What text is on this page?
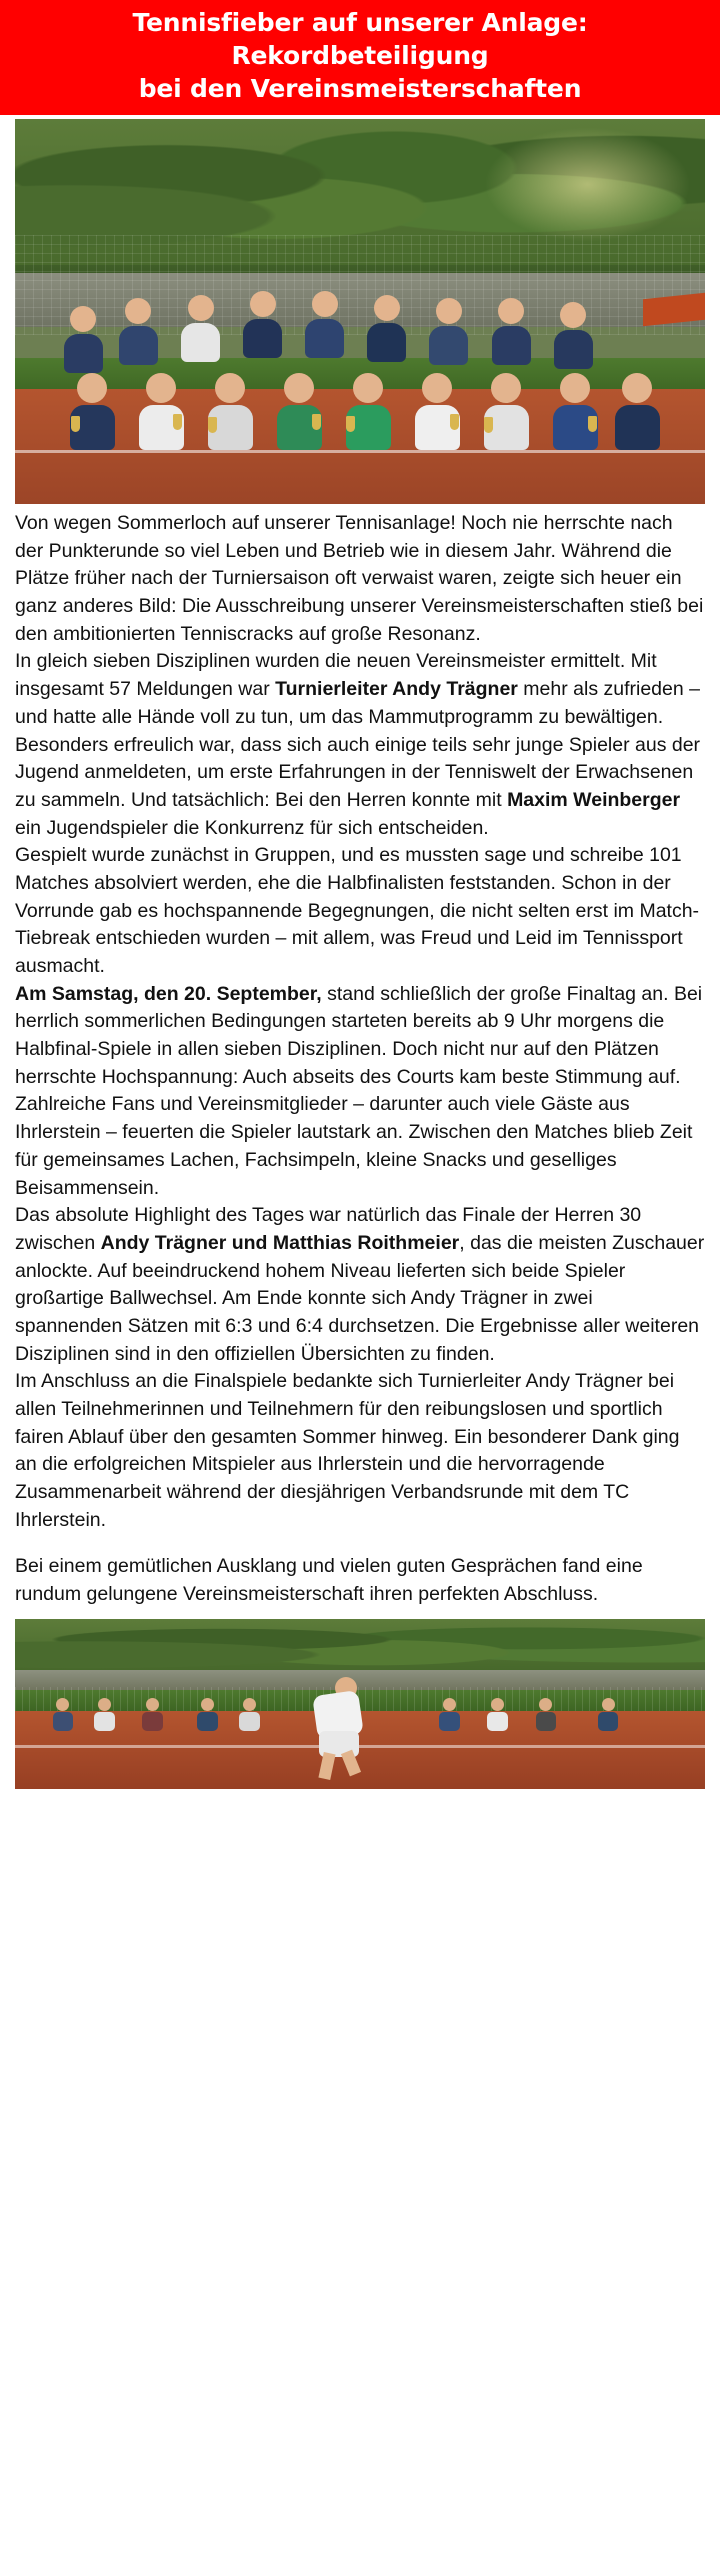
Tennisfieber auf unserer Anlage: Rekordbeteiligung
bei den Vereinsmeisterschaften

Von wegen Sommerloch auf unserer Tennisanlage! Noch nie herrschte nach der Punkterunde so viel Leben und Betrieb wie in diesem Jahr. Während die Plätze früher nach der Turniersaison oft verwaist waren, zeigte sich heuer ein ganz anderes Bild: Die Ausschreibung unserer Vereinsmeisterschaften stieß bei den ambitionierten Tenniscracks auf große Resonanz.

In gleich sieben Disziplinen wurden die neuen Vereinsmeister ermittelt. Mit insgesamt 57 Meldungen war Turnierleiter Andy Trägner mehr als zufrieden – und hatte alle Hände voll zu tun, um das Mammutprogramm zu bewältigen. Besonders erfreulich war, dass sich auch einige teils sehr junge Spieler aus der Jugend anmeldeten, um erste Erfahrungen in der Tenniswelt der Erwachsenen zu sammeln. Und tatsächlich: Bei den Herren konnte mit Maxim Weinberger ein Jugendspieler die Konkurrenz für sich entscheiden.

Gespielt wurde zunächst in Gruppen, und es mussten sage und schreibe 101 Matches absolviert werden, ehe die Halbfinalisten feststanden. Schon in der Vorrunde gab es hochspannende Begegnungen, die nicht selten erst im Match-Tiebreak entschieden wurden – mit allem, was Freud und Leid im Tennissport ausmacht.

Am Samstag, den 20. September, stand schließlich der große Finaltag an. Bei herrlich sommerlichen Bedingungen starteten bereits ab 9 Uhr morgens die Halbfinal-Spiele in allen sieben Disziplinen. Doch nicht nur auf den Plätzen herrschte Hochspannung: Auch abseits des Courts kam beste Stimmung auf. Zahlreiche Fans und Vereinsmitglieder – darunter auch viele Gäste aus Ihrlerstein – feuerten die Spieler lautstark an. Zwischen den Matches blieb Zeit für gemeinsames Lachen, Fachsimpeln, kleine Snacks und geselliges Beisammensein.

Das absolute Highlight des Tages war natürlich das Finale der Herren 30 zwischen Andy Trägner und Matthias Roithmeier, das die meisten Zuschauer anlockte. Auf beeindruckend hohem Niveau lieferten sich beide Spieler großartige Ballwechsel. Am Ende konnte sich Andy Trägner in zwei spannenden Sätzen mit 6:3 und 6:4 durchsetzen. Die Ergebnisse aller weiteren Disziplinen sind in den offiziellen Übersichten zu finden.

Im Anschluss an die Finalspiele bedankte sich Turnierleiter Andy Trägner bei allen Teilnehmerinnen und Teilnehmern für den reibungslosen und sportlich fairen Ablauf über den gesamten Sommer hinweg. Ein besonderer Dank ging an die erfolgreichen Mitspieler aus Ihrlerstein und die hervorragende Zusammenarbeit während der diesjährigen Verbandsrunde mit dem TC Ihrlerstein.

Bei einem gemütlichen Ausklang und vielen guten Gesprächen fand eine rundum gelungene Vereinsmeisterschaft ihren perfekten Abschluss.
